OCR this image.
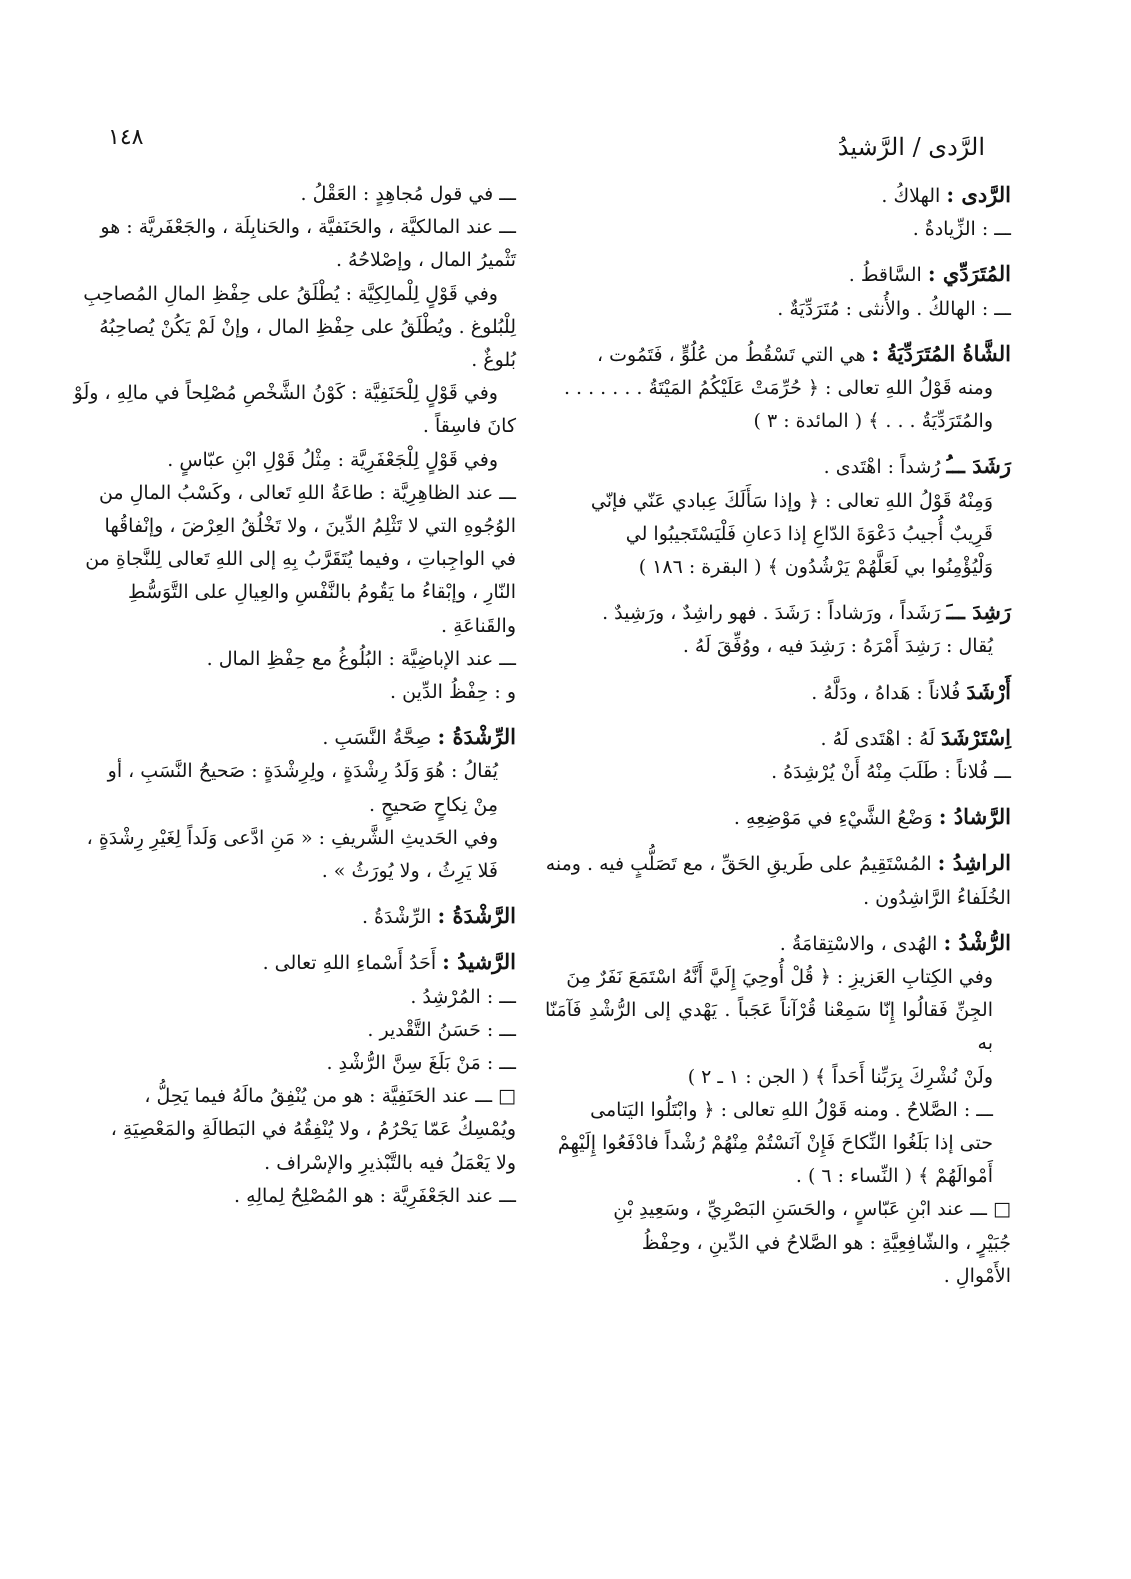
١٤٨	الرَّدى / الرَّشيدُ

الرَّدى : الهلاكُ .

ـــ : الزِّيادةُ .

المُتَرَدِّي : السَّاقطُ .

ـــ : الهالكُ . والأُنثى : مُتَرَدِّيَةٌ .

الشَّاةُ المُتَرَدِّيَةُ : هي التي تَسْقُطُ من عُلُوٍّ ، فَتَمُوت ،

ومنه قَوْلُ اللهِ تعالى : ﴿ حُرِّمَتْ عَلَيْكُمُ المَيْتَةُ . . . . . . .

والمُتَرَدِّيَةُ . . . ﴾ ( المائدة : ٣ )

رَشَدَ ـــُ رُشداً : اهْتَدى .

وَمِنْهُ قَوْلُ اللهِ تعالى : ﴿ وإذا سَأَلَكَ عِبادي عَنّي فإنّي

قَرِيبٌ أُجيبُ دَعْوَةَ الدّاعِ إذا دَعانِ فَلْيَسْتَجيبُوا لي

وَلْيُؤْمِنُوا بي لَعَلَّهُمْ يَرْشُدُون ﴾ ( البقرة : ١٨٦ )

رَشِدَ ـــَ رَشَداً ، ورَشاداً : رَشَدَ . فهو راشِدٌ ، ورَشِيدٌ .

يُقال : رَشِدَ أَمْرَهُ : رَشِدَ فيه ، ووُفِّقَ لَهُ .

أَرْشَدَ فُلاناً : هَداهُ ، ودَلَّهُ .

اِسْتَرْشَدَ لَهُ : اهْتَدى لَهُ .

ـــ فُلاناً : طَلَبَ مِنْهُ أَنْ يُرْشِدَهُ .

الرَّشادُ : وَضْعُ الشَّيْءِ في مَوْضِعِهِ .

الراشِدُ : المُسْتَقِيمُ على طَريقِ الحَقِّ ، مع تَصَلُّبٍ فيه . ومنه

الخُلَفاءُ الرَّاشِدُون .

الرُّشْدُ : الهُدى ، والاسْتِقامَةُ .

وفي الكِتابِ العَزيزِ : ﴿ قُلْ أُوحِيَ إِلَيَّ أَنَّهُ اسْتَمَعَ نَفَرٌ مِنَ

الجِنِّ فَقالُوا إِنّا سَمِعْنا قُرْآناً عَجَباً . يَهْدي إلى الرُّشْدِ فَآمَنّا به

ولَنْ نُشْرِكَ بِرَبِّنا أَحَداً ﴾ ( الجن : ١ ـ ٢ )

ـــ : الصَّلاحُ . ومنه قَوْلُ اللهِ تعالى : ﴿ وابْتَلُوا اليَتامى

حتى إذا بَلَغُوا النِّكاحَ فَإِنْ آنَسْتُمْ مِنْهُمْ رُشْداً فادْفَعُوا إِلَيْهِمْ

أَمْوالَهُمْ ﴾ ( النِّساء : ٦ ) .

□ ـــ عند ابْنِ عَبّاسٍ ، والحَسَنِ البَصْرِيِّ ، وسَعِيدِ بْنِ

جُبَيْرٍ ، والشّافِعِيَّةِ : هو الصَّلاحُ في الدِّينِ ، وحِفْظُ

الأَمْوالِ .

ـــ في قول مُجاهِدٍ : العَقْلُ .

ـــ عند المالكيَّة ، والحَنَفيَّة ، والحَنابِلَة ، والجَعْفَريَّة : هو

تَثْميرُ المال ، وإصْلاحُهُ .

وفي قَوْلٍ لِلْمالِكِيَّة : يُطْلَقُ على حِفْظِ المالِ المُصاحِبِ

لِلْبُلوغ . ويُطْلَقُ على حِفْظِ المال ، وإنْ لَمْ يَكُنْ يُصاحِبُهُ

بُلوغٌ .

وفي قَوْلٍ لِلْحَنَفِيَّة : كَوْنُ الشَّخْصِ مُصْلِحاً في مالِهِ ، ولَوْ

كانَ فاسِقاً .

وفي قَوْلٍ لِلْجَعْفَرِيَّة : مِثْلُ قَوْلِ ابْنِ عبّاسٍ .

ـــ عند الظاهِرِيَّة : طاعَةُ اللهِ تَعالى ، وكَسْبُ المالِ من

الوُجُوهِ التي لا تَثْلِمُ الدِّينَ ، ولا تَخْلُقُ العِرْضَ ، وإنْفاقُها

في الواجِباتِ ، وفيما يُتَقَرَّبُ بِهِ إلى اللهِ تَعالى لِلنَّجاةِ من

النّارِ ، وإبْقاءُ ما يَقُومُ بالنَّفْسِ والعِيالِ على التَّوَسُّطِ

والقَناعَةِ .

ـــ عند الإباضِيَّة : البُلُوغُ مع حِفْظِ المال .

و : حِفْظُ الدِّين .

الرِّشْدَةُ : صِحَّةُ النَّسَبِ .

يُقالُ : هُوَ وَلَدُ رِشْدَةٍ ، ولِرِشْدَةٍ : صَحيحُ النَّسَبِ ، أو

مِنْ نِكاحٍ صَحيحٍ .

وفي الحَديثِ الشَّريفِ : « مَنِ ادَّعى وَلَداً لِغَيْرِ رِشْدَةٍ ،

فَلا يَرِثُ ، ولا يُورَثُ » .

الرَّشْدَةُ : الرِّشْدَةُ .

الرَّشيدُ : أَحَدُ أَسْماءِ اللهِ تعالى .

ـــ : المُرْشِدُ .

ـــ : حَسَنُ التَّقْدير .

ـــ : مَنْ بَلَغَ سِنَّ الرُّشْدِ .

□ ـــ عند الحَنَفِيَّة : هو من يُنْفِقُ مالَهُ فيما يَحِلُّ ،

ويُمْسِكُ عَمّا يَحْرُمُ ، ولا يُنْفِقُهُ في البَطالَةِ والمَعْصِيَةِ ،

ولا يَعْمَلُ فيه بالتَّبْذيرِ والإسْراف .

ـــ عند الجَعْفَرِيَّة : هو المُصْلِحُ لِمالِهِ .
